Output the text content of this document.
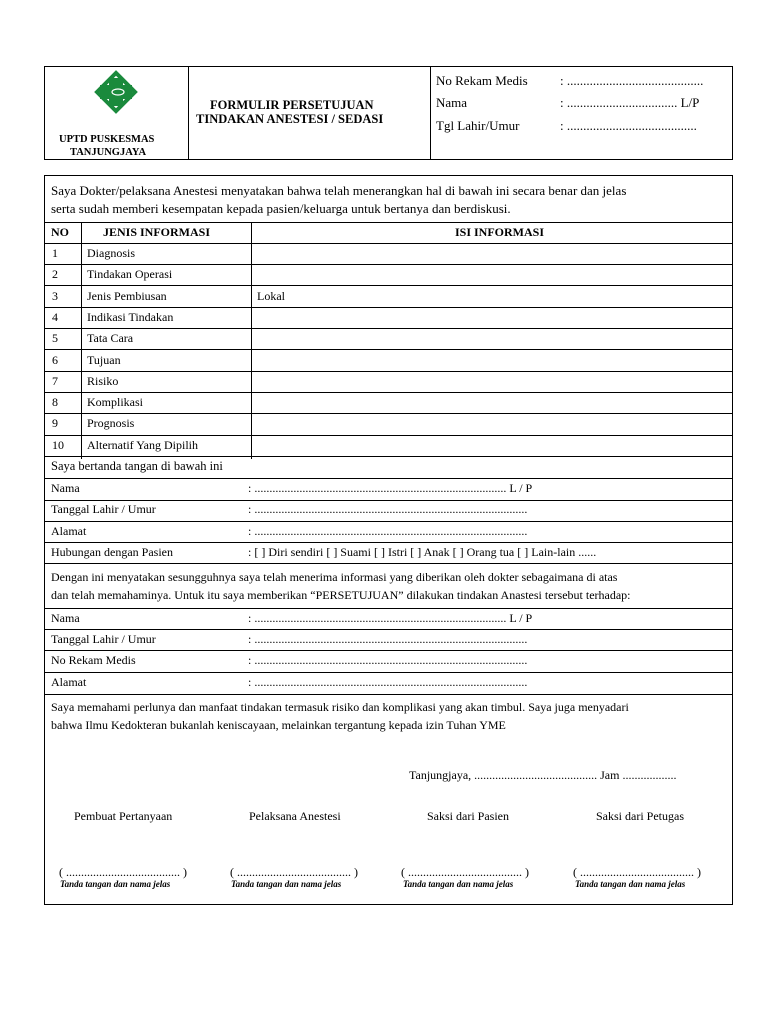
UPTD PUSKESMAS
TANJUNGJAYA
FORMULIR PERSETUJUAN
TINDAKAN ANESTESI / SEDASI
No Rekam Medis : ..........................................
Nama	: .................................. L/P
Tgl Lahir/Umur	: ........................................
Saya Dokter/pelaksana Anestesi menyatakan bahwa telah menerangkan hal di bawah ini secara benar dan jelas
serta sudah memberi kesempatan kepada pasien/keluarga untuk bertanya dan berdiskusi.
NO	JENIS INFORMASI	ISI INFORMASI
1 Diagnosis
2 Tindakan Operasi
3 Jenis Pembiusan	Lokal
4 Indikasi Tindakan
5 Tata Cara
6 Tujuan
7 Risiko
8 Komplikasi
9 Prognosis
10 Alternatif Yang Dipilih
Saya bertanda tangan di bawah ini
Nama	: .................................................................................... L / P
Tanggal Lahir / Umur	: ...........................................................................................
Alamat	: ...........................................................................................
Hubungan dengan Pasien	: [ ] Diri sendiri [ ] Suami [ ] Istri [ ] Anak [ ] Orang tua [ ] Lain-lain ......
Dengan ini menyatakan sesungguhnya saya telah menerima informasi yang diberikan oleh dokter sebagaimana di atas
dan telah memahaminya. Untuk itu saya memberikan “PERSETUJUAN” dilakukan tindakan Anastesi tersebut terhadap:
Nama	: .................................................................................... L / P
Tanggal Lahir / Umur	: ...........................................................................................
No Rekam Medis	: ...........................................................................................
Alamat	: ...........................................................................................
Saya memahami perlunya dan manfaat tindakan termasuk risiko dan komplikasi yang akan timbul. Saya juga menyadari
bahwa Ilmu Kedokteran bukanlah keniscayaan, melainkan tergantung kepada izin Tuhan YME
Tanjungjaya, ......................................... Jam ..................
Pembuat Pertanyaan	Pelaksana Anestesi	Saksi dari Pasien	Saksi dari Petugas
( ...................................... )	( ...................................... )	( ...................................... )	( ...................................... )
Tanda tangan dan nama jelas	Tanda tangan dan nama jelas	Tanda tangan dan nama jelas	Tanda tangan dan nama jelas
